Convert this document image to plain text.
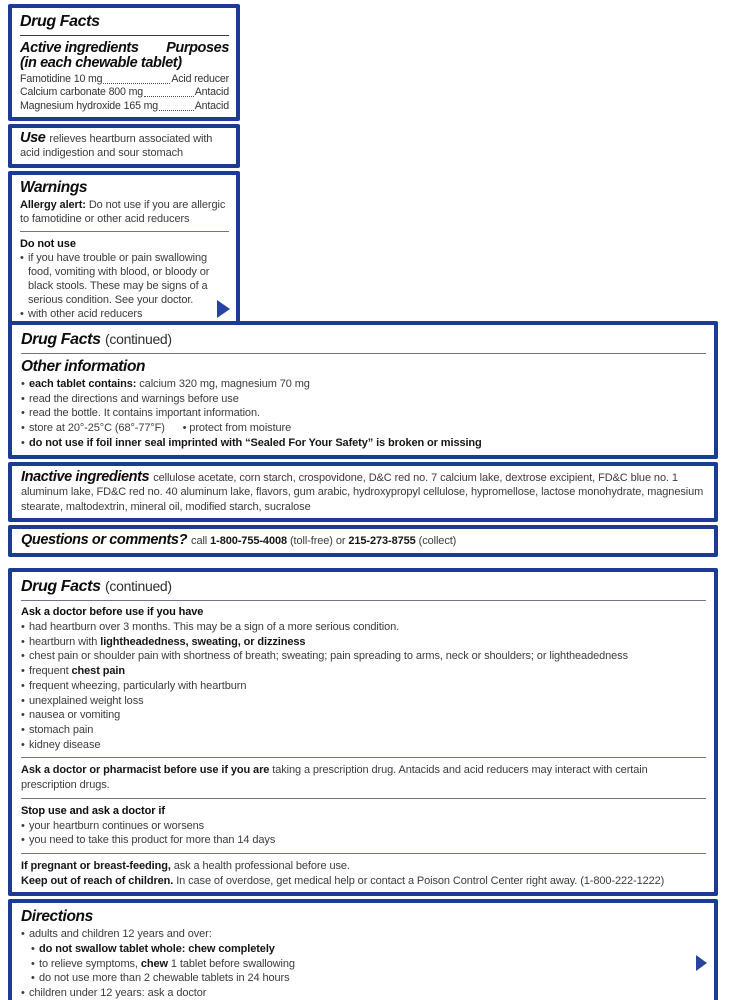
Drug Facts
Active ingredients Purposes
(in each chewable tablet)
Famotidine 10 mg	Acid reducer
Calcium carbonate 800 mg	Antacid
Magnesium hydroxide 165 mg	Antacid

Use relieves heartburn associated with acid indigestion and sour stomach

Warnings

Allergy alert: Do not use if you are allergic to famotidine or other acid reducers

Do not use
• if you have trouble or pain swallowing food, vomiting with blood, or bloody or black stools. These may be signs of a serious condition. See your doctor.
• with other acid reducers
Drug Facts (continued)
Other information
• each tablet contains: calcium 320 mg, magnesium 70 mg
• read the directions and warnings before use
• read the bottle. It contains important information.
• store at 20°-25°C (68°-77°F)      • protect from moisture
• do not use if foil inner seal imprinted with “Sealed For Your Safety” is broken or missing

Inactive ingredients cellulose acetate, corn starch, crospovidone, D&C red no. 7 calcium lake, dextrose excipient, FD&C blue no. 1 aluminum lake, FD&C red no. 40 aluminum lake, flavors, gum arabic, hydroxypropyl cellulose, hypromellose, lactose monohydrate, magnesium stearate, maltodextrin, mineral oil, modified starch, sucralose

Questions or comments? call 1-800-755-4008 (toll-free) or 215-273-8755 (collect)

Drug Facts (continued)
Ask a doctor before use if you have
• had heartburn over 3 months. This may be a sign of a more serious condition.
• heartburn with lightheadedness, sweating, or dizziness
• chest pain or shoulder pain with shortness of breath; sweating; pain spreading to arms, neck or shoulders; or lightheadedness
• frequent chest pain
• frequent wheezing, particularly with heartburn
• unexplained weight loss
• nausea or vomiting
• stomach pain
• kidney disease

Ask a doctor or pharmacist before use if you are taking a prescription drug. Antacids and acid reducers may interact with certain prescription drugs.

Stop use and ask a doctor if
• your heartburn continues or worsens
• you need to take this product for more than 14 days

If pregnant or breast-feeding, ask a health professional before use.

Keep out of reach of children. In case of overdose, get medical help or contact a Poison Control Center right away. (1-800-222-1222)

Directions
• adults and children 12 years and over:
• do not swallow tablet whole: chew completely
• to relieve symptoms, chew 1 tablet before swallowing
• do not use more than 2 chewable tablets in 24 hours
• children under 12 years: ask a doctor
